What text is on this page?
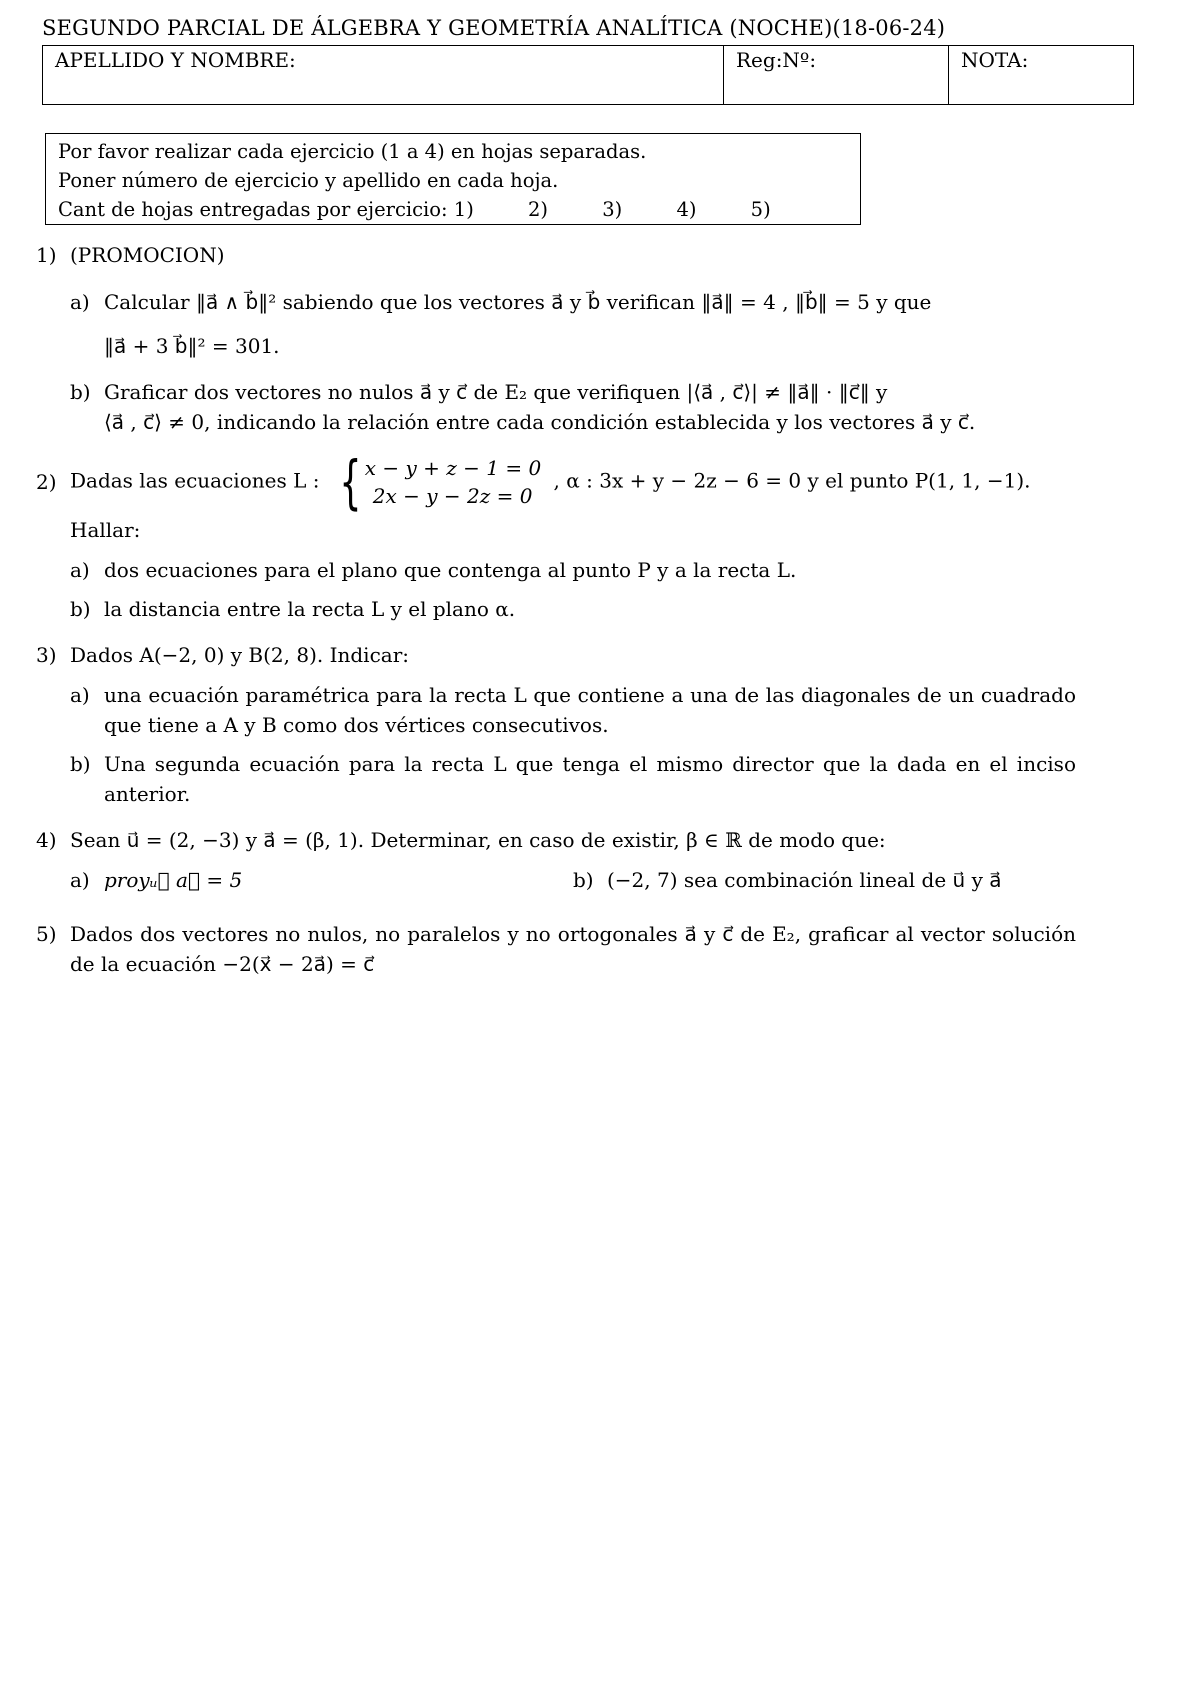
SEGUNDO PARCIAL DE ÁLGEBRA Y GEOMETRÍA ANALÍTICA (NOCHE)(18-06-24)
APELLIDO Y NOMBRE:	Reg:Nº:	NOTA:
Por favor realizar cada ejercicio (1 a 4) en hojas separadas.
Poner número de ejercicio y apellido en cada hoja.
Cant de hojas entregadas por ejercicio: 1)	2)	3)	4)	5)
1) (PROMOCION)
a) Calcular ‖a⃗ ∧ b⃗‖² sabiendo que los vectores a⃗ y b⃗ verifican ‖a⃗‖ = 4 , ‖b⃗‖ = 5 y que
‖a⃗ + 3 b⃗‖² = 301.
b) Graficar dos vectores no nulos a⃗ y c⃗ de E₂ que verifiquen |⟨a⃗ , c⃗⟩| ≠ ‖a⃗‖ · ‖c⃗‖ y
⟨a⃗ , c⃗⟩ ≠ 0, indicando la relación entre cada condición establecida y los vectores a⃗ y c⃗.
2) Dadas las ecuaciones L : { x − y + z − 1 = 0
2x − y − 2z = 0
, α : 3x + y − 2z − 6 = 0 y el punto P(1, 1, −1).
Hallar:
a) dos ecuaciones para el plano que contenga al punto P y a la recta L.
b) la distancia entre la recta L y el plano α.
3) Dados A(−2, 0) y B(2, 8). Indicar:
a) una ecuación paramétrica para la recta L que contiene a una de las diagonales de un cuadrado que tiene a A y B como dos vértices consecutivos.
b) Una segunda ecuación para la recta L que tenga el mismo director que la dada en el inciso anterior.
4) Sean u⃗ = (2, −3) y a⃗ = (β, 1). Determinar, en caso de existir, β ∈ ℝ de modo que:
a) proyᵤ⃗ a⃗ = 5	b) (−2, 7) sea combinación lineal de u⃗ y a⃗
5) Dados dos vectores no nulos, no paralelos y no ortogonales a⃗ y c⃗ de E₂, graficar al vector solución de la ecuación −2(x⃗ − 2a⃗) = c⃗
